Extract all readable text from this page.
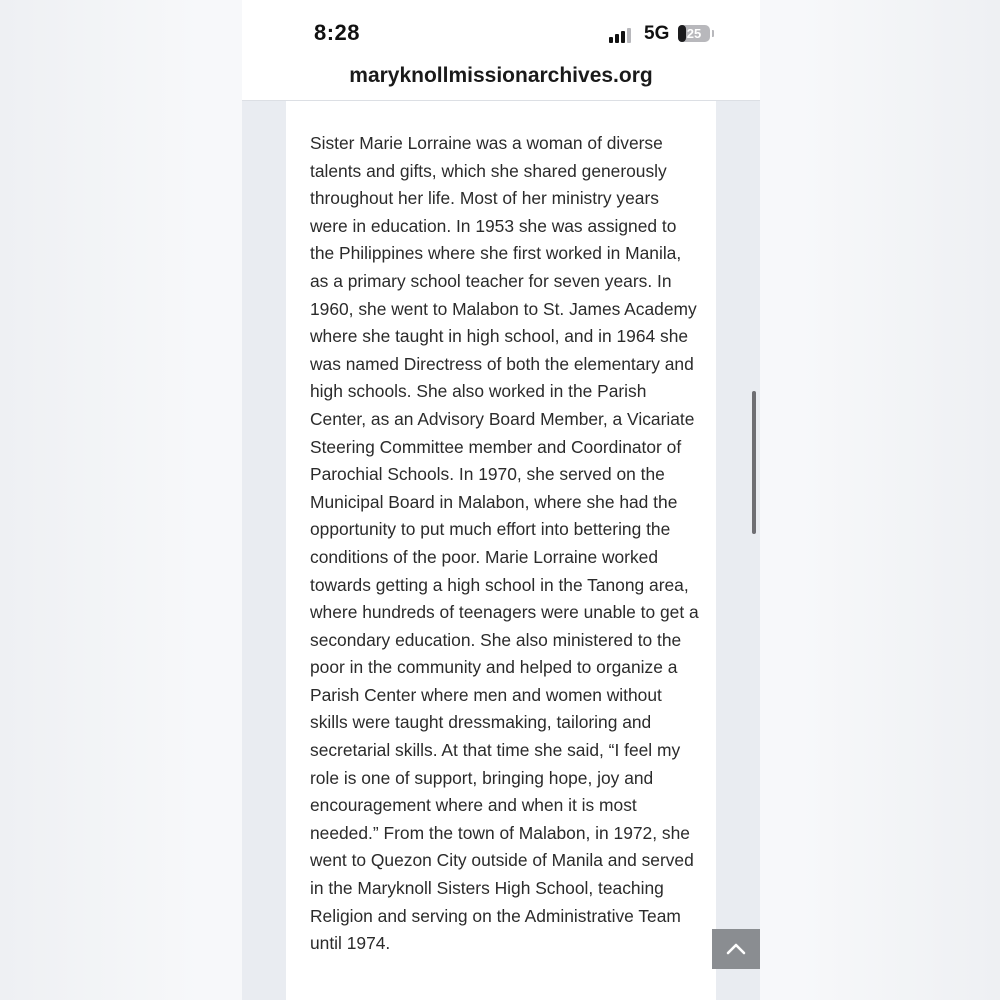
8:28	5G	25
maryknollmissionarchives.org

Sister Marie Lorraine was a woman of diverse talents and gifts, which she shared generously throughout her life. Most of her ministry years were in education. In 1953 she was assigned to the Philippines where she first worked in Manila, as a primary school teacher for seven years. In 1960, she went to Malabon to St. James Academy where she taught in high school, and in 1964 she was named Directress of both the elementary and high schools. She also worked in the Parish Center, as an Advisory Board Member, a Vicariate Steering Committee member and Coordinator of Parochial Schools. In 1970, she served on the Municipal Board in Malabon, where she had the opportunity to put much effort into bettering the conditions of the poor. Marie Lorraine worked towards getting a high school in the Tanong area, where hundreds of teenagers were unable to get a secondary education. She also ministered to the poor in the community and helped to organize a Parish Center where men and women without skills were taught dressmaking, tailoring and secretarial skills. At that time she said, “I feel my role is one of support, bringing hope, joy and encouragement where and when it is most needed.” From the town of Malabon, in 1972, she went to Quezon City outside of Manila and served in the Maryknoll Sisters High School, teaching Religion and serving on the Administrative Team until 1974.
